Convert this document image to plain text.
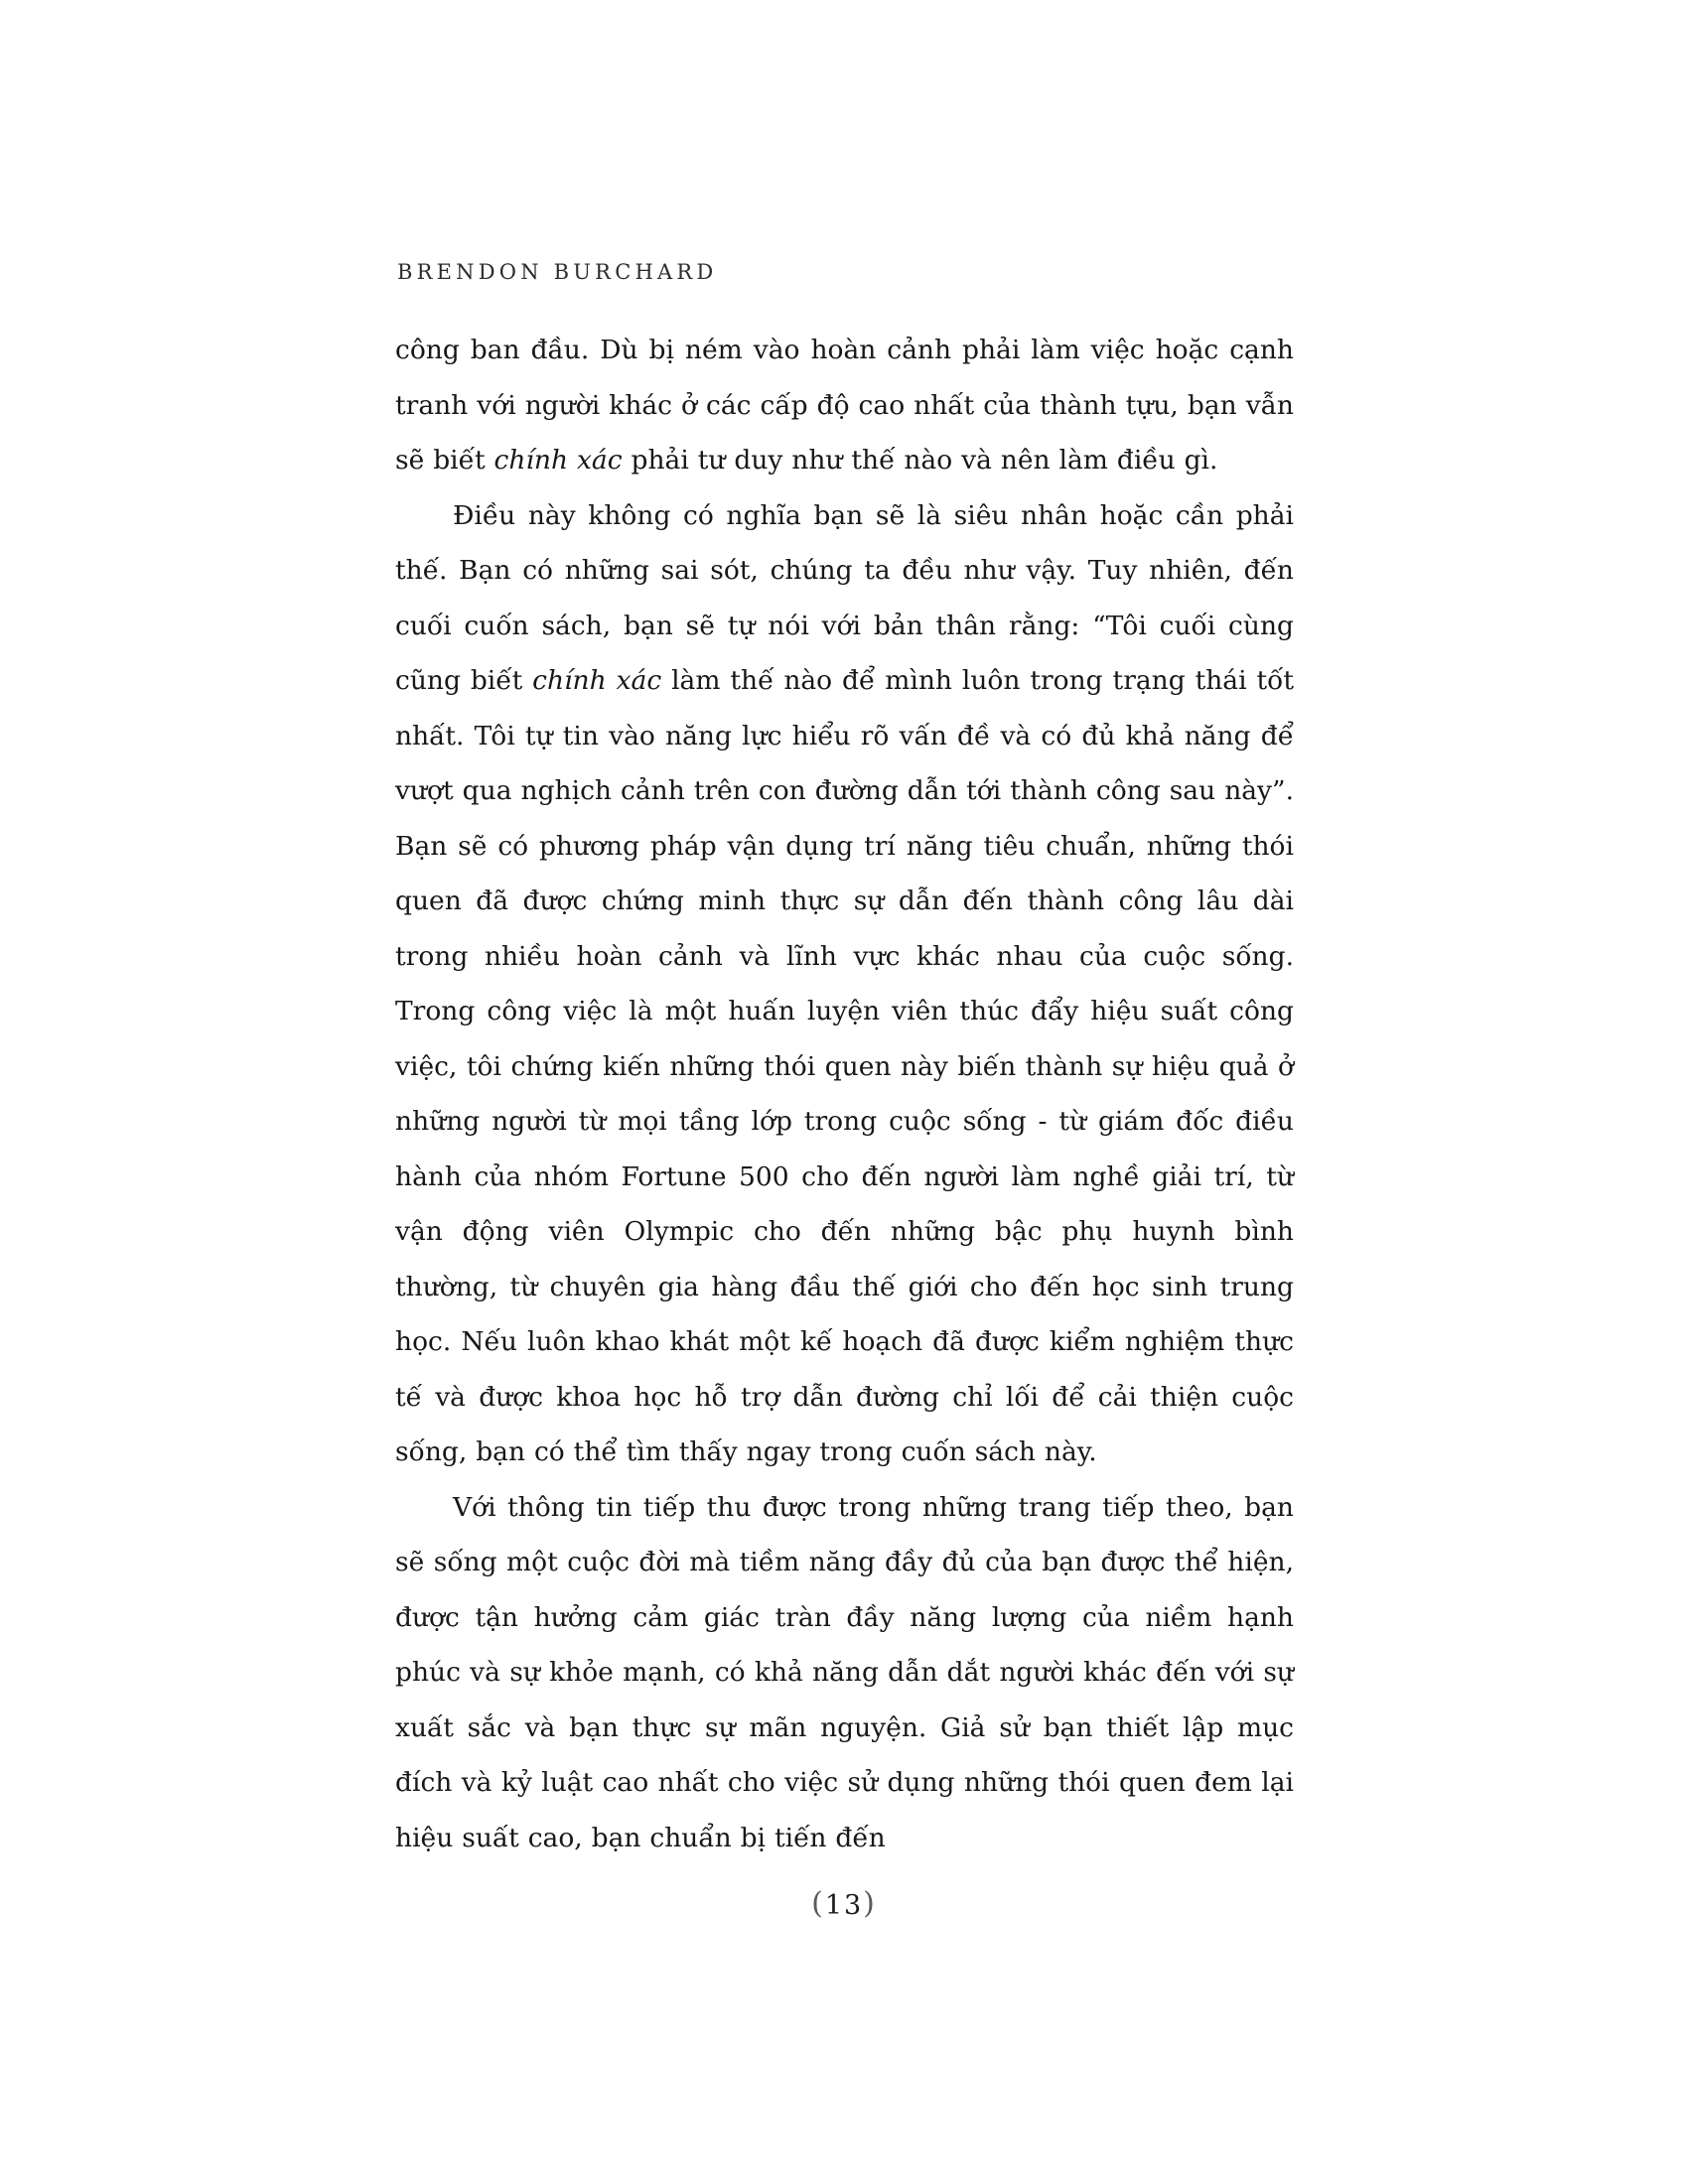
BRENDON BURCHARD

công ban đầu. Dù bị ném vào hoàn cảnh phải làm việc hoặc cạnh tranh với người khác ở các cấp độ cao nhất của thành tựu, bạn vẫn sẽ biết chính xác phải tư duy như thế nào và nên làm điều gì.

Điều này không có nghĩa bạn sẽ là siêu nhân hoặc cần phải thế. Bạn có những sai sót, chúng ta đều như vậy. Tuy nhiên, đến cuối cuốn sách, bạn sẽ tự nói với bản thân rằng: “Tôi cuối cùng cũng biết chính xác làm thế nào để mình luôn trong trạng thái tốt nhất. Tôi tự tin vào năng lực hiểu rõ vấn đề và có đủ khả năng để vượt qua nghịch cảnh trên con đường dẫn tới thành công sau này”. Bạn sẽ có phương pháp vận dụng trí năng tiêu chuẩn, những thói quen đã được chứng minh thực sự dẫn đến thành công lâu dài trong nhiều hoàn cảnh và lĩnh vực khác nhau của cuộc sống. Trong công việc là một huấn luyện viên thúc đẩy hiệu suất công việc, tôi chứng kiến những thói quen này biến thành sự hiệu quả ở những người từ mọi tầng lớp trong cuộc sống - từ giám đốc điều hành của nhóm Fortune 500 cho đến người làm nghề giải trí, từ vận động viên Olympic cho đến những bậc phụ huynh bình thường, từ chuyên gia hàng đầu thế giới cho đến học sinh trung học. Nếu luôn khao khát một kế hoạch đã được kiểm nghiệm thực tế và được khoa học hỗ trợ dẫn đường chỉ lối để cải thiện cuộc sống, bạn có thể tìm thấy ngay trong cuốn sách này.

Với thông tin tiếp thu được trong những trang tiếp theo, bạn sẽ sống một cuộc đời mà tiềm năng đầy đủ của bạn được thể hiện, được tận hưởng cảm giác tràn đầy năng lượng của niềm hạnh phúc và sự khỏe mạnh, có khả năng dẫn dắt người khác đến với sự xuất sắc và bạn thực sự mãn nguyện. Giả sử bạn thiết lập mục đích và kỷ luật cao nhất cho việc sử dụng những thói quen đem lại hiệu suất cao, bạn chuẩn bị tiến đến

(13)
